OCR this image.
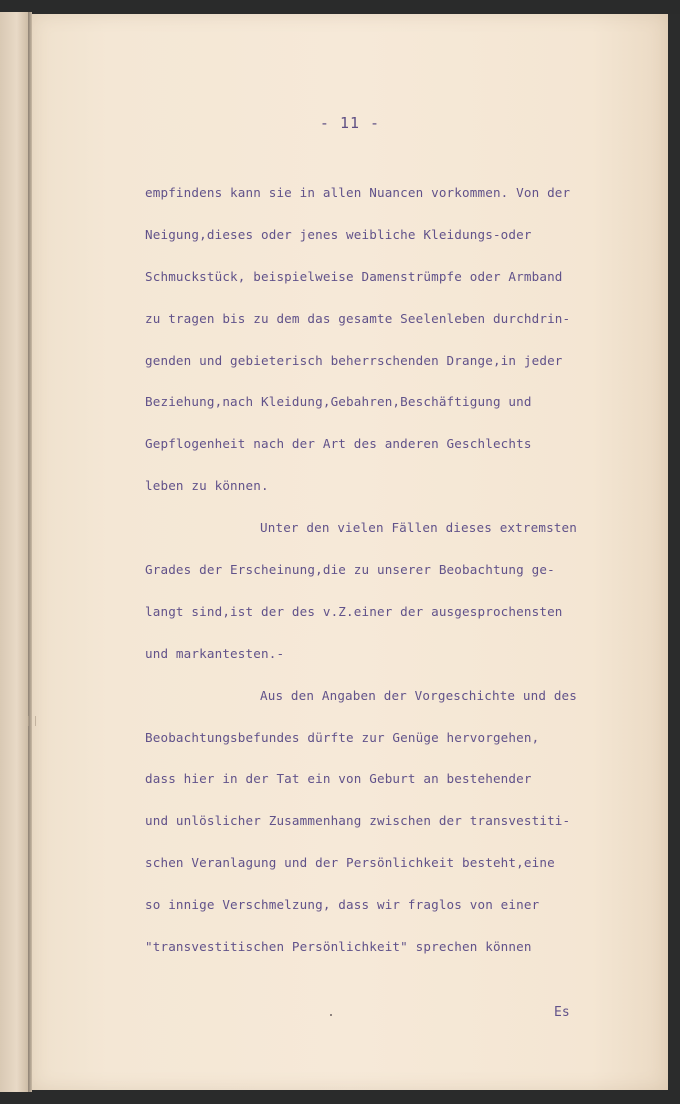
- 11 -
empfindens kann sie in allen Nuancen vorkommen. Von der
Neigung,dieses oder jenes weibliche Kleidungs-oder
Schmuckstück, beispielweise Damenstrümpfe oder Armband
zu tragen bis zu dem das gesamte Seelenleben durchdrin-
genden und gebieterisch beherrschenden Drange,in jeder
Beziehung,nach Kleidung,Gebahren,Beschäftigung und
Gepflogenheit nach der Art des anderen Geschlechts
leben zu können.
Unter den vielen Fällen dieses extremsten
Grades der Erscheinung,die zu unserer Beobachtung ge-
langt sind,ist der des v.Z.einer der ausgesprochensten
und markantesten.-
Aus den Angaben der Vorgeschichte und des
Beobachtungsbefundes dürfte zur Genüge hervorgehen,
dass hier in der Tat ein von Geburt an bestehender
und unlöslicher Zusammenhang zwischen der transvestiti-
schen Veranlagung und der Persönlichkeit besteht,eine
so innige Verschmelzung, dass wir fraglos von einer
"transvestitischen Persönlichkeit" sprechen können
Es
